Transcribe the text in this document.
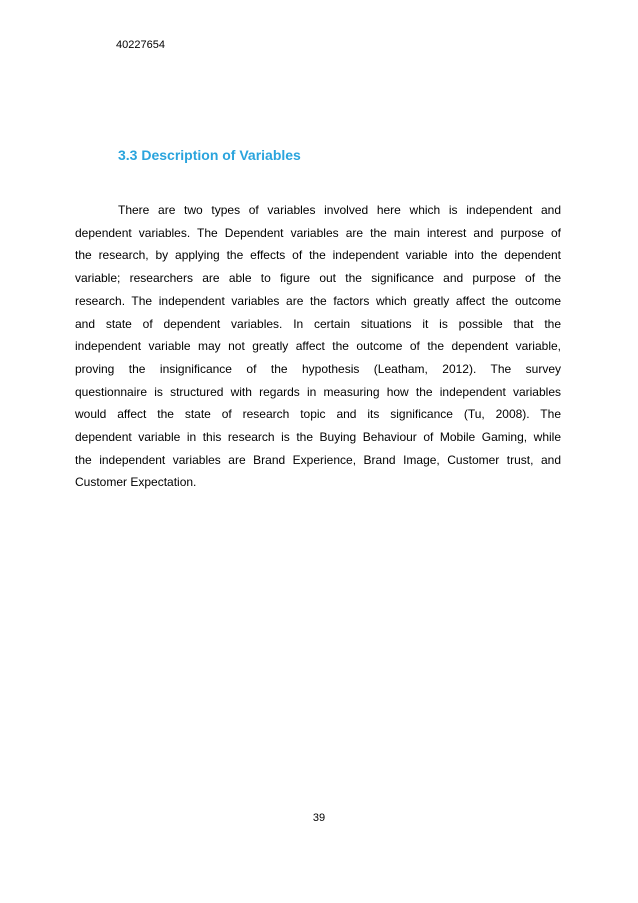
40227654
3.3 Description of Variables

There are two types of variables involved here which is independent and
dependent variables. The Dependent variables are the main interest and purpose of
the research, by applying the effects of the independent variable into the dependent
variable; researchers are able to figure out the significance and purpose of the
research. The independent variables are the factors which greatly affect the outcome
and state of dependent variables. In certain situations it is possible that the
independent variable may not greatly affect the outcome of the dependent variable,
proving the insignificance of the hypothesis (Leatham, 2012). The survey
questionnaire is structured with regards in measuring how the independent variables
would affect the state of research topic and its significance (Tu, 2008). The
dependent variable in this research is the Buying Behaviour of Mobile Gaming, while
the independent variables are Brand Experience, Brand Image, Customer trust, and
Customer Expectation.

39
